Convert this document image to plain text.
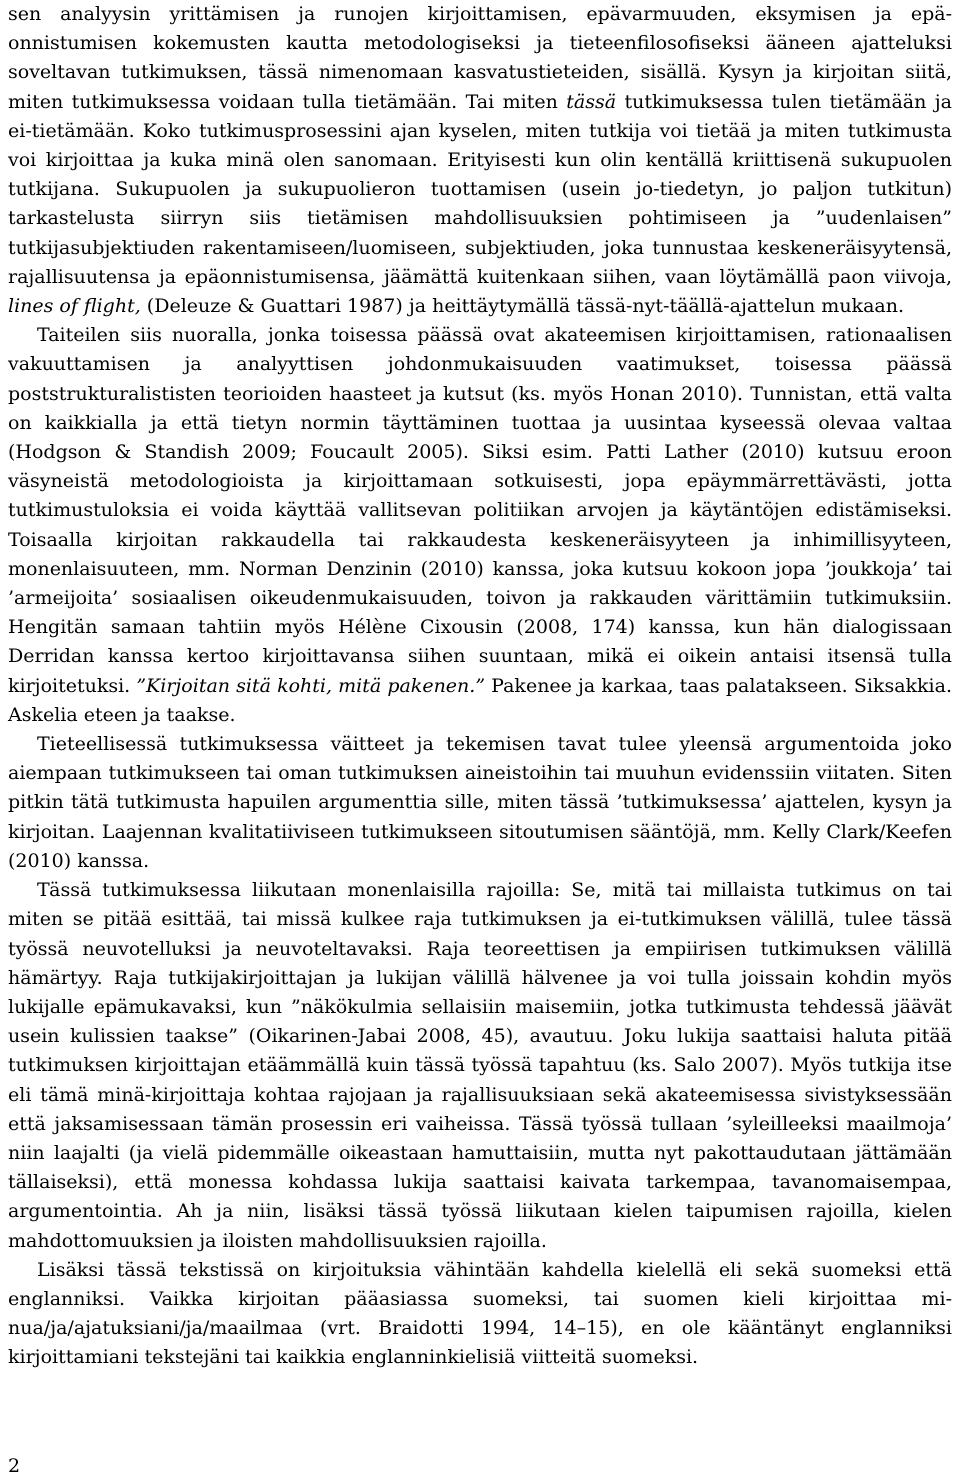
sen analyysin yrittämisen ja runojen kirjoittamisen, epävarmuuden, eksymisen ja epäonnistumisen kokemusten kautta metodologiseksi ja tieteenfilosofiseksi ääneen ajatteluksi soveltavan tutkimuksen, tässä nimenomaan kasvatustieteiden, sisällä. Kysyn ja kirjoitan siitä, miten tutkimuksessa voidaan tulla tietämään. Tai miten tässä tutkimuksessa tulen tietämään ja ei-tietämään. Koko tutkimusprosessini ajan kyselen, miten tutkija voi tietää ja miten tutkimusta voi kirjoittaa ja kuka minä olen sanomaan. Erityisesti kun olin kentällä kriittisenä sukupuolen tutkijana. Sukupuolen ja sukupuolieron tuottamisen (usein jo-tiedetyn, jo paljon tutkitun) tarkastelusta siirryn siis tietämisen mahdollisuuksien pohtimiseen ja ”uudenlaisen” tutkijasubjektiuden rakentamiseen/luomiseen, subjektiuden, joka tunnustaa keskeneräisyytensä, rajallisuutensa ja epäonnistumisensa, jäämättä kuitenkaan siihen, vaan löytämällä paon viivoja, lines of flight, (Deleuze & Guattari 1987) ja heittäytymällä tässä-nyt-täällä-ajattelun mukaan.

Taiteilen siis nuoralla, jonka toisessa päässä ovat akateemisen kirjoittamisen, rationaalisen vakuuttamisen ja analyyttisen johdonmukaisuuden vaatimukset, toisessa päässä poststrukturalististen teorioiden haasteet ja kutsut (ks. myös Honan 2010). Tunnistan, että valta on kaikkialla ja että tietyn normin täyttäminen tuottaa ja uusintaa kyseessä olevaa valtaa (Hodgson & Standish 2009; Foucault 2005). Siksi esim. Patti Lather (2010) kutsuu eroon väsyneistä metodologioista ja kirjoittamaan sotkuisesti, jopa epäymmärrettävästi, jotta tutkimustuloksia ei voida käyttää vallitsevan politiikan arvojen ja käytäntöjen edistämiseksi. Toisaalla kirjoitan rakkaudella tai rakkaudesta keskeneräisyyteen ja inhimillisyyteen, monenlaisuuteen, mm. Norman Denzinin (2010) kanssa, joka kutsuu kokoon jopa ’joukkoja’ tai ’armeijoita’ sosiaalisen oikeudenmukaisuuden, toivon ja rakkauden värittämiin tutkimuksiin. Hengitän samaan tahtiin myös Hélène Cixousin (2008, 174) kanssa, kun hän dialogissaan Derridan kanssa kertoo kirjoittavansa siihen suuntaan, mikä ei oikein antaisi itsensä tulla kirjoitetuksi. ”Kirjoitan sitä kohti, mitä pakenen.” Pakenee ja karkaa, taas palatakseen. Siksakkia. Askelia eteen ja taakse.

Tieteellisessä tutkimuksessa väitteet ja tekemisen tavat tulee yleensä argumentoida joko aiempaan tutkimukseen tai oman tutkimuksen aineistoihin tai muuhun evidenssiin viitaten. Siten pitkin tätä tutkimusta hapuilen argumenttia sille, miten tässä ’tutkimuksessa’ ajattelen, kysyn ja kirjoitan. Laajennan kvalitatiiviseen tutkimukseen sitoutumisen sääntöjä, mm. Kelly Clark/Keefen (2010) kanssa.

Tässä tutkimuksessa liikutaan monenlaisilla rajoilla: Se, mitä tai millaista tutkimus on tai miten se pitää esittää, tai missä kulkee raja tutkimuksen ja ei-tutkimuksen välillä, tulee tässä työssä neuvotelluksi ja neuvoteltavaksi. Raja teoreettisen ja empiirisen tutkimuksen välillä hämärtyy. Raja tutkijakirjoittajan ja lukijan välillä hälvenee ja voi tulla joissain kohdin myös lukijalle epämukavaksi, kun ”näkökulmia sellaisiin maisemiin, jotka tutkimusta tehdessä jäävät usein kulissien taakse” (Oikarinen-Jabai 2008, 45), avautuu. Joku lukija saattaisi haluta pitää tutkimuksen kirjoittajan etäämmällä kuin tässä työssä tapahtuu (ks. Salo 2007). Myös tutkija itse eli tämä minä-kirjoittaja kohtaa rajojaan ja rajallisuuksiaan sekä akateemisessa sivistyksessään että jaksamisessaan tämän prosessin eri vaiheissa. Tässä työssä tullaan ’syleilleeksi maailmoja’ niin laajalti (ja vielä pidemmälle oikeastaan hamuttaisiin, mutta nyt pakottaudutaan jättämään tällaiseksi), että monessa kohdassa lukija saattaisi kaivata tarkempaa, tavanomaisempaa, argumentointia. Ah ja niin, lisäksi tässä työssä liikutaan kielen taipumisen rajoilla, kielen mahdottomuuksien ja iloisten mahdollisuuksien rajoilla.

Lisäksi tässä tekstissä on kirjoituksia vähintään kahdella kielellä eli sekä suomeksi että englanniksi. Vaikka kirjoitan pääasiassa suomeksi, tai suomen kieli kirjoittaa minua/ja/ajatuksiani/ja/maailmaa (vrt. Braidotti 1994, 14–15), en ole kääntänyt englanniksi kirjoittamiani tekstejäni tai kaikkia englanninkielisiä viitteitä suomeksi.

2
